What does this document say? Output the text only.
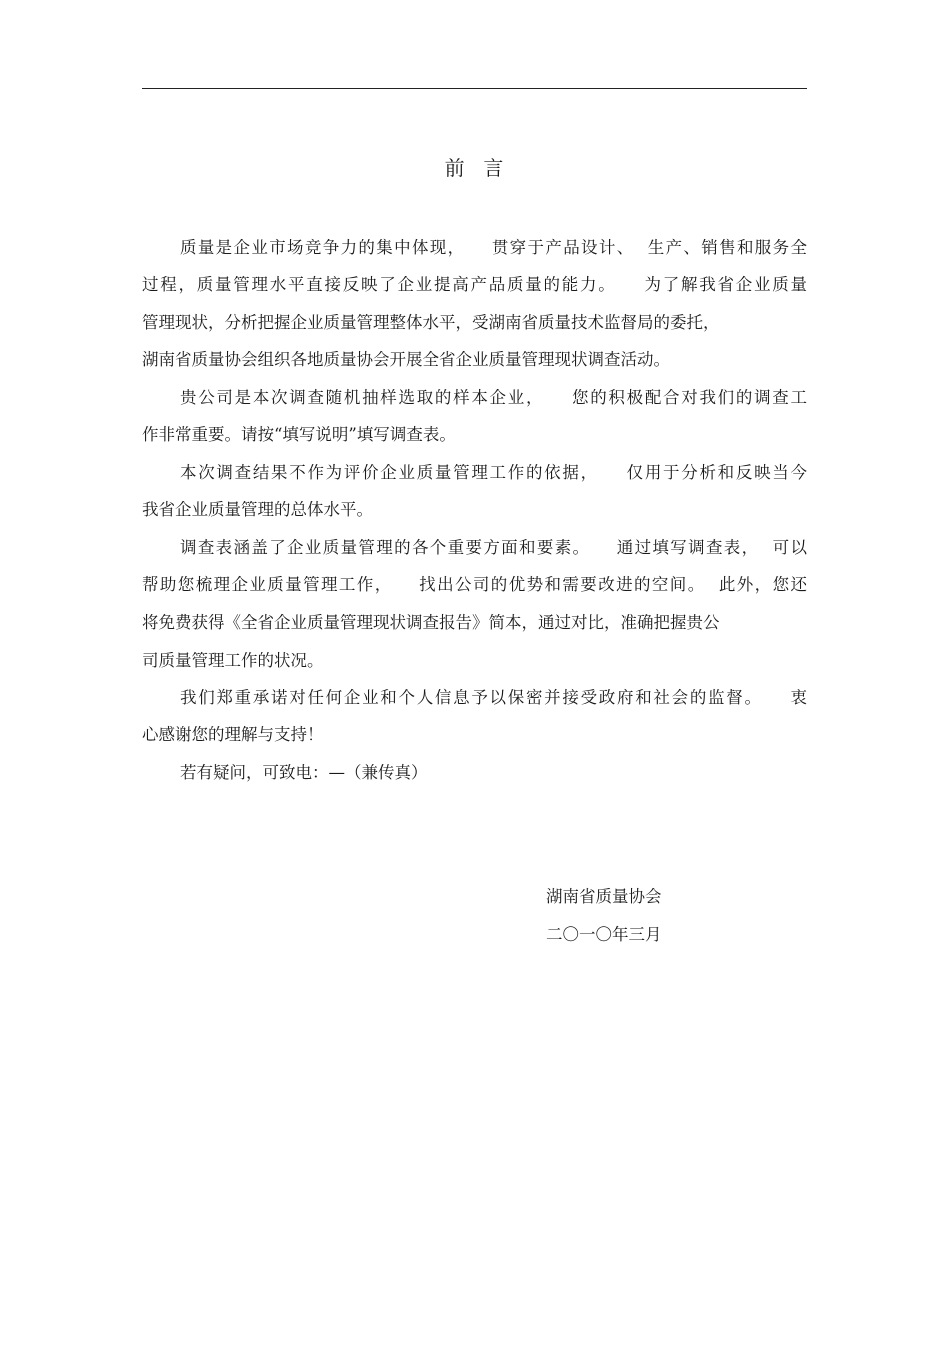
前  言
质量是企业市场竞争力的集中体现，    贯穿于产品设计、  生产、销售和服务全
过程，质量管理水平直接反映了企业提高产品质量的能力。    为了解我省企业质量
管理现状，分析把握企业质量管理整体水平，受湖南省质量技术监督局的委托，
湖南省质量协会组织各地质量协会开展全省企业质量管理现状调查活动。
贵公司是本次调查随机抽样选取的样本企业，    您的积极配合对我们的调查工
作非常重要。请按“填写说明”填写调查表。
本次调查结果不作为评价企业质量管理工作的依据，    仅用于分析和反映当今
我省企业质量管理的总体水平。
调查表涵盖了企业质量管理的各个重要方面和要素。    通过填写调查表，  可以
帮助您梳理企业质量管理工作，    找出公司的优势和需要改进的空间。  此外，您还
将免费获得《全省企业质量管理现状调查报告》简本，通过对比，准确把握贵公
司质量管理工作的状况。
我们郑重承诺对任何企业和个人信息予以保密并接受政府和社会的监督。    衷
心感谢您的理解与支持！
若有疑问，可致电：—（兼传真）
湖南省质量协会
二〇一〇年三月
